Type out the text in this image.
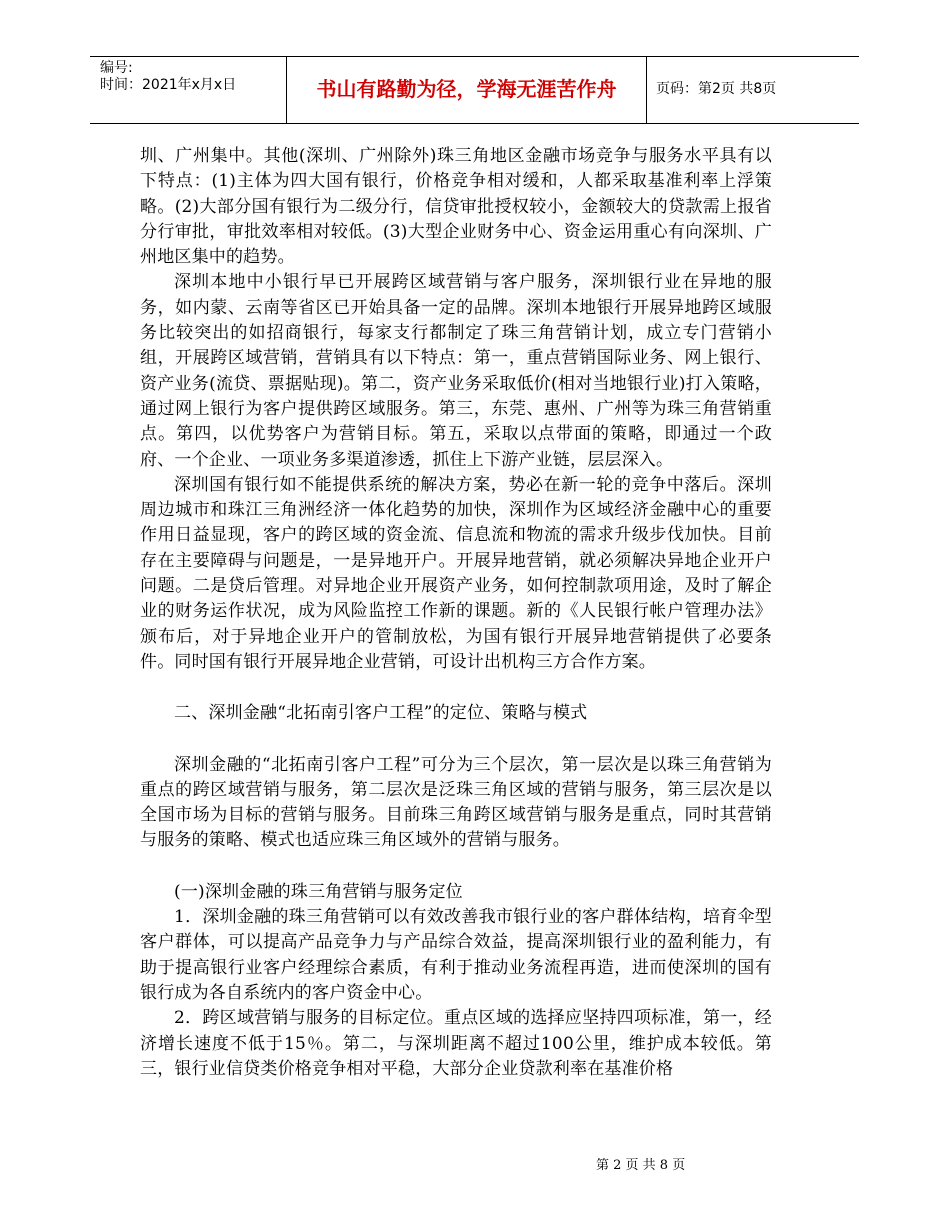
编号:
时间：2021年x月x日	书山有路勤为径，学海无涯苦作舟	页码：第2页 共8页

圳、广州集中。其他(深圳、广州除外)珠三角地区金融市场竞争与服务水平具有以下特点：(1)主体为四大国有银行，价格竞争相对缓和，人都采取基准利率上浮策略。(2)大部分国有银行为二级分行，信贷审批授权较小，金额较大的贷款需上报省分行审批，审批效率相对较低。(3)大型企业财务中心、资金运用重心有向深圳、广州地区集中的趋势。

深圳本地中小银行早已开展跨区域营销与客户服务，深圳银行业在异地的服务，如内蒙、云南等省区已开始具备一定的品牌。深圳本地银行开展异地跨区域服务比较突出的如招商银行，每家支行都制定了珠三角营销计划，成立专门营销小组，开展跨区域营销，营销具有以下特点：第一，重点营销国际业务、网上银行、资产业务(流贷、票据贴现)。第二，资产业务采取低价(相对当地银行业)打入策略，通过网上银行为客户提供跨区域服务。第三，东莞、惠州、广州等为珠三角营销重点。第四，以优势客户为营销目标。第五，采取以点带面的策略，即通过一个政府、一个企业、一项业务多渠道渗透，抓住上下游产业链，层层深入。

深圳国有银行如不能提供系统的解决方案，势必在新一轮的竞争中落后。深圳周边城市和珠江三角洲经济一体化趋势的加快，深圳作为区域经济金融中心的重要作用日益显现，客户的跨区域的资金流、信息流和物流的需求升级步伐加快。目前存在主要障碍与问题是，一是异地开户。开展异地营销，就必须解决异地企业开户问题。二是贷后管理。对异地企业开展资产业务，如何控制款项用途，及时了解企业的财务运作状况，成为风险监控工作新的课题。新的《人民银行帐户管理办法》颁布后，对于异地企业开户的管制放松，为国有银行开展异地营销提供了必要条件。同时国有银行开展异地企业营销，可设计出机构三方合作方案。

二、深圳金融“北拓南引客户工程”的定位、策略与模式

深圳金融的“北拓南引客户工程”可分为三个层次，第一层次是以珠三角营销为重点的跨区域营销与服务，第二层次是泛珠三角区域的营销与服务，第三层次是以全国市场为目标的营销与服务。目前珠三角跨区域营销与服务是重点，同时其营销与服务的策略、模式也适应珠三角区域外的营销与服务。

(一)深圳金融的珠三角营销与服务定位

1．深圳金融的珠三角营销可以有效改善我市银行业的客户群体结构，培育伞型客户群体，可以提高产品竞争力与产品综合效益，提高深圳银行业的盈利能力，有助于提高银行业客户经理综合素质，有利于推动业务流程再造，进而使深圳的国有银行成为各自系统内的客户资金中心。

2．跨区域营销与服务的目标定位。重点区域的选择应坚持四项标准，第一，经济增长速度不低于15％。第二，与深圳距离不超过100公里，维护成本较低。第三，银行业信贷类价格竞争相对平稳，大部分企业贷款利率在基准价格

第 2 页 共 8 页
